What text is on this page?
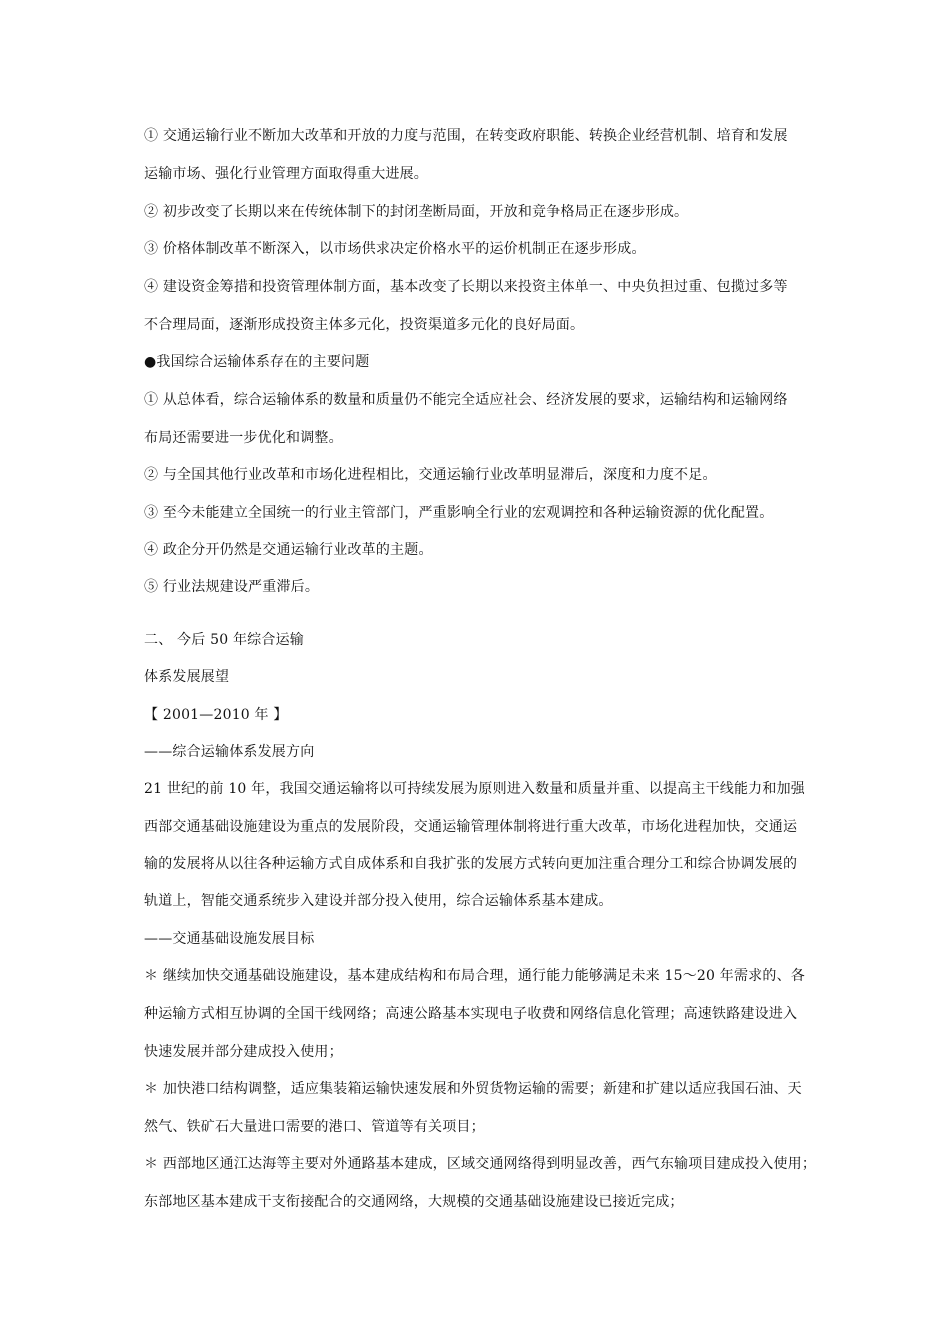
① 交通运输行业不断加大改革和开放的力度与范围，在转变政府职能、转换企业经营机制、培育和发展
运输市场、强化行业管理方面取得重大进展。
② 初步改变了长期以来在传统体制下的封闭垄断局面，开放和竞争格局正在逐步形成。
③ 价格体制改革不断深入，以市场供求决定价格水平的运价机制正在逐步形成。
④ 建设资金筹措和投资管理体制方面，基本改变了长期以来投资主体单一、中央负担过重、包揽过多等
不合理局面，逐渐形成投资主体多元化，投资渠道多元化的良好局面。
●我国综合运输体系存在的主要问题
① 从总体看，综合运输体系的数量和质量仍不能完全适应社会、经济发展的要求，运输结构和运输网络
布局还需要进一步优化和调整。
② 与全国其他行业改革和市场化进程相比，交通运输行业改革明显滞后，深度和力度不足。
③ 至今未能建立全国统一的行业主管部门，严重影响全行业的宏观调控和各种运输资源的优化配置。
④ 政企分开仍然是交通运输行业改革的主题。
⑤ 行业法规建设严重滞后。
二、 今后 50 年综合运输
体系发展展望
【 2001—2010 年 】
——综合运输体系发展方向
21 世纪的前 10 年，我国交通运输将以可持续发展为原则进入数量和质量并重、以提高主干线能力和加强
西部交通基础设施建设为重点的发展阶段，交通运输管理体制将进行重大改革，市场化进程加快，交通运
输的发展将从以往各种运输方式自成体系和自我扩张的发展方式转向更加注重合理分工和综合协调发展的
轨道上，智能交通系统步入建设并部分投入使用，综合运输体系基本建成。
——交通基础设施发展目标
＊ 继续加快交通基础设施建设，基本建成结构和布局合理，通行能力能够满足未来 15～20 年需求的、各
种运输方式相互协调的全国干线网络；高速公路基本实现电子收费和网络信息化管理；高速铁路建设进入
快速发展并部分建成投入使用；
＊ 加快港口结构调整，适应集装箱运输快速发展和外贸货物运输的需要；新建和扩建以适应我国石油、天
然气、铁矿石大量进口需要的港口、管道等有关项目；
＊ 西部地区通江达海等主要对外通路基本建成，区域交通网络得到明显改善，西气东输项目建成投入使用；
东部地区基本建成干支衔接配合的交通网络，大规模的交通基础设施建设已接近完成；
